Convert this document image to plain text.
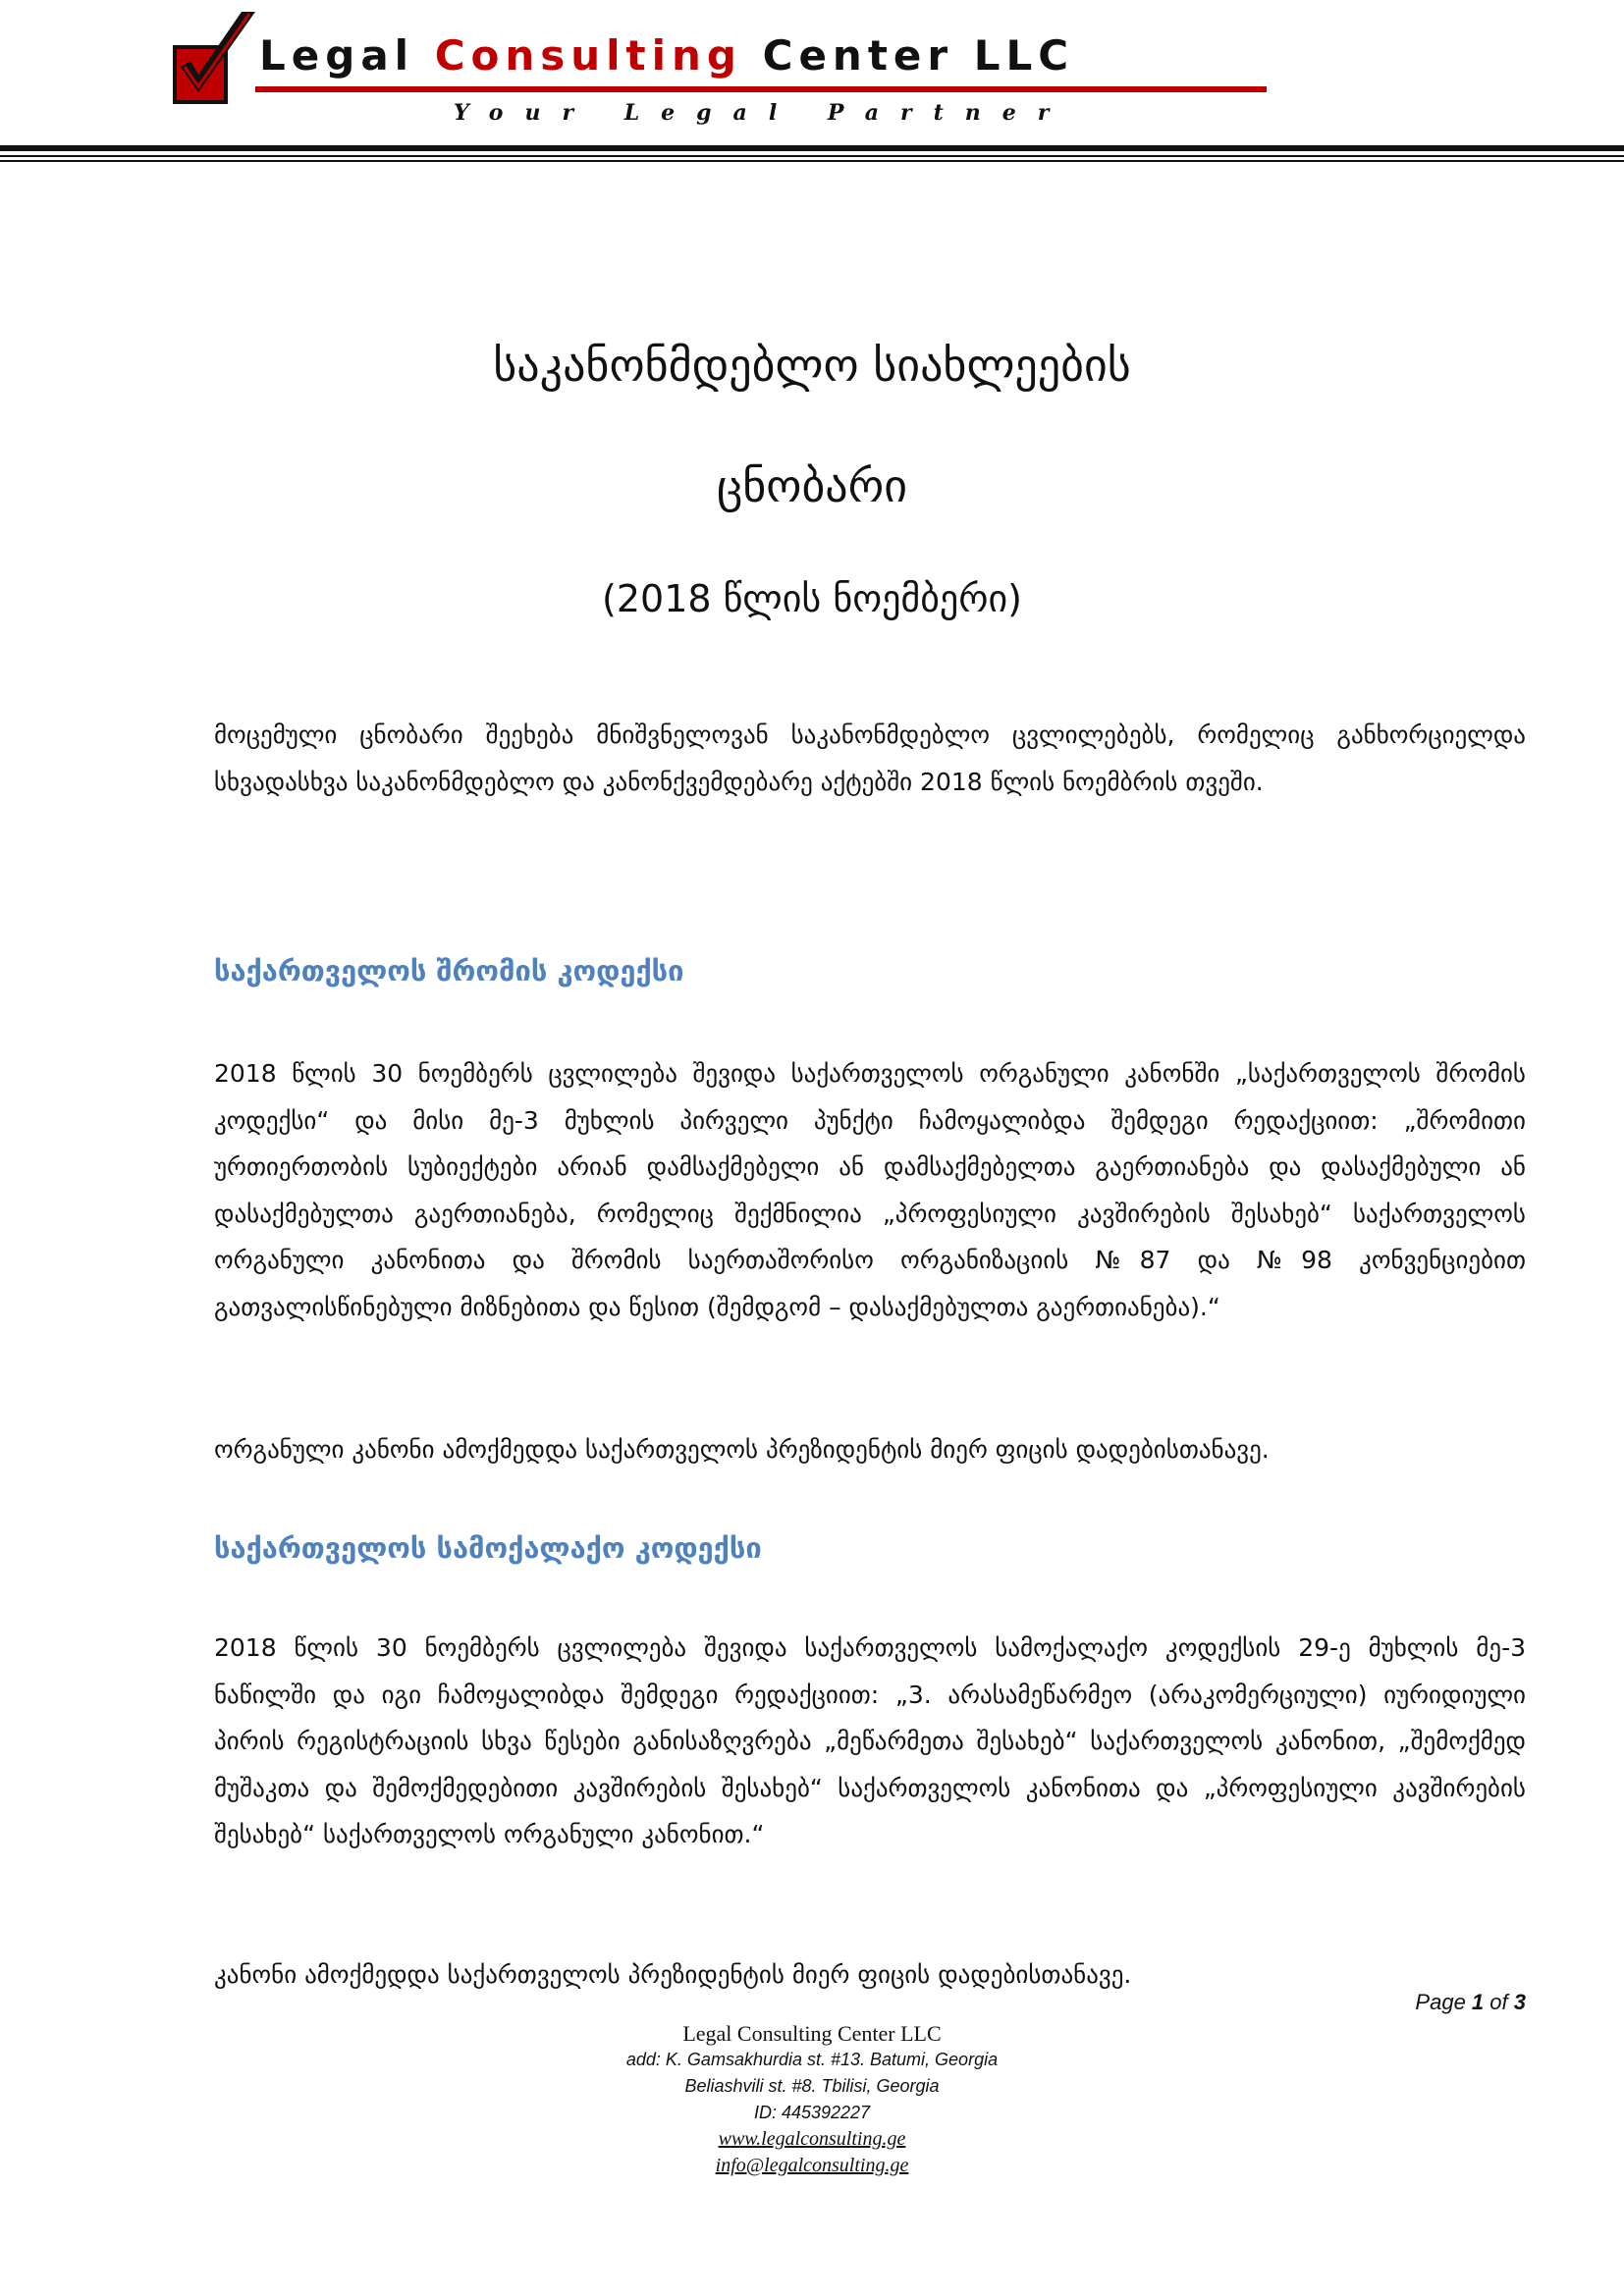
Legal Consulting Center LLC
Your Legal Partner
საკანონმდებლო სიახლეების
ცნობარი
(2018 წლის ნოემბერი)

მოცემული ცნობარი შეეხება მნიშვნელოვან საკანონმდებლო ცვლილებებს, რომელიც განხორციელდა სხვადასხვა საკანონმდებლო და კანონქვემდებარე აქტებში 2018 წლის ნოემბრის თვეში.

საქართველოს შრომის კოდექსი

2018 წლის 30 ნოემბერს ცვლილება შევიდა საქართველოს ორგანული კანონში „საქართველოს შრომის კოდექსი“ და მისი მე-3 მუხლის პირველი პუნქტი ჩამოყალიბდა შემდეგი რედაქციით: „შრომითი ურთიერთობის სუბიექტები არიან დამსაქმებელი ან დამსაქმებელთა გაერთიანება და დასაქმებული ან დასაქმებულთა გაერთიანება, რომელიც შექმნილია „პროფესიული კავშირების შესახებ“ საქართველოს ორგანული კანონითა და შრომის საერთაშორისო ორგანიზაციის №87 და №98 კონვენციებით გათვალისწინებული მიზნებითა და წესით (შემდგომ – დასაქმებულთა გაერთიანება).“

ორგანული კანონი ამოქმედდა საქართველოს პრეზიდენტის მიერ ფიცის დადებისთანავე.

საქართველოს სამოქალაქო კოდექსი

2018 წლის 30 ნოემბერს ცვლილება შევიდა საქართველოს სამოქალაქო კოდექსის 29-ე მუხლის მე-3 ნაწილში და იგი ჩამოყალიბდა შემდეგი რედაქციით: „3. არასამეწარმეო (არაკომერციული) იურიდიული პირის რეგისტრაციის სხვა წესები განისაზღვრება „მეწარმეთა შესახებ“ საქართველოს კანონით, „შემოქმედ მუშაკთა და შემოქმედებითი კავშირების შესახებ“ საქართველოს კანონითა და „პროფესიული კავშირების შესახებ“ საქართველოს ორგანული კანონით.“

კანონი ამოქმედდა საქართველოს პრეზიდენტის მიერ ფიცის დადებისთანავე.

Page 1 of 3
Legal Consulting Center LLC
add: K. Gamsakhurdia st. #13. Batumi, Georgia
Beliashvili st. #8. Tbilisi, Georgia
ID: 445392227
www.legalconsulting.ge
info@legalconsulting.ge
